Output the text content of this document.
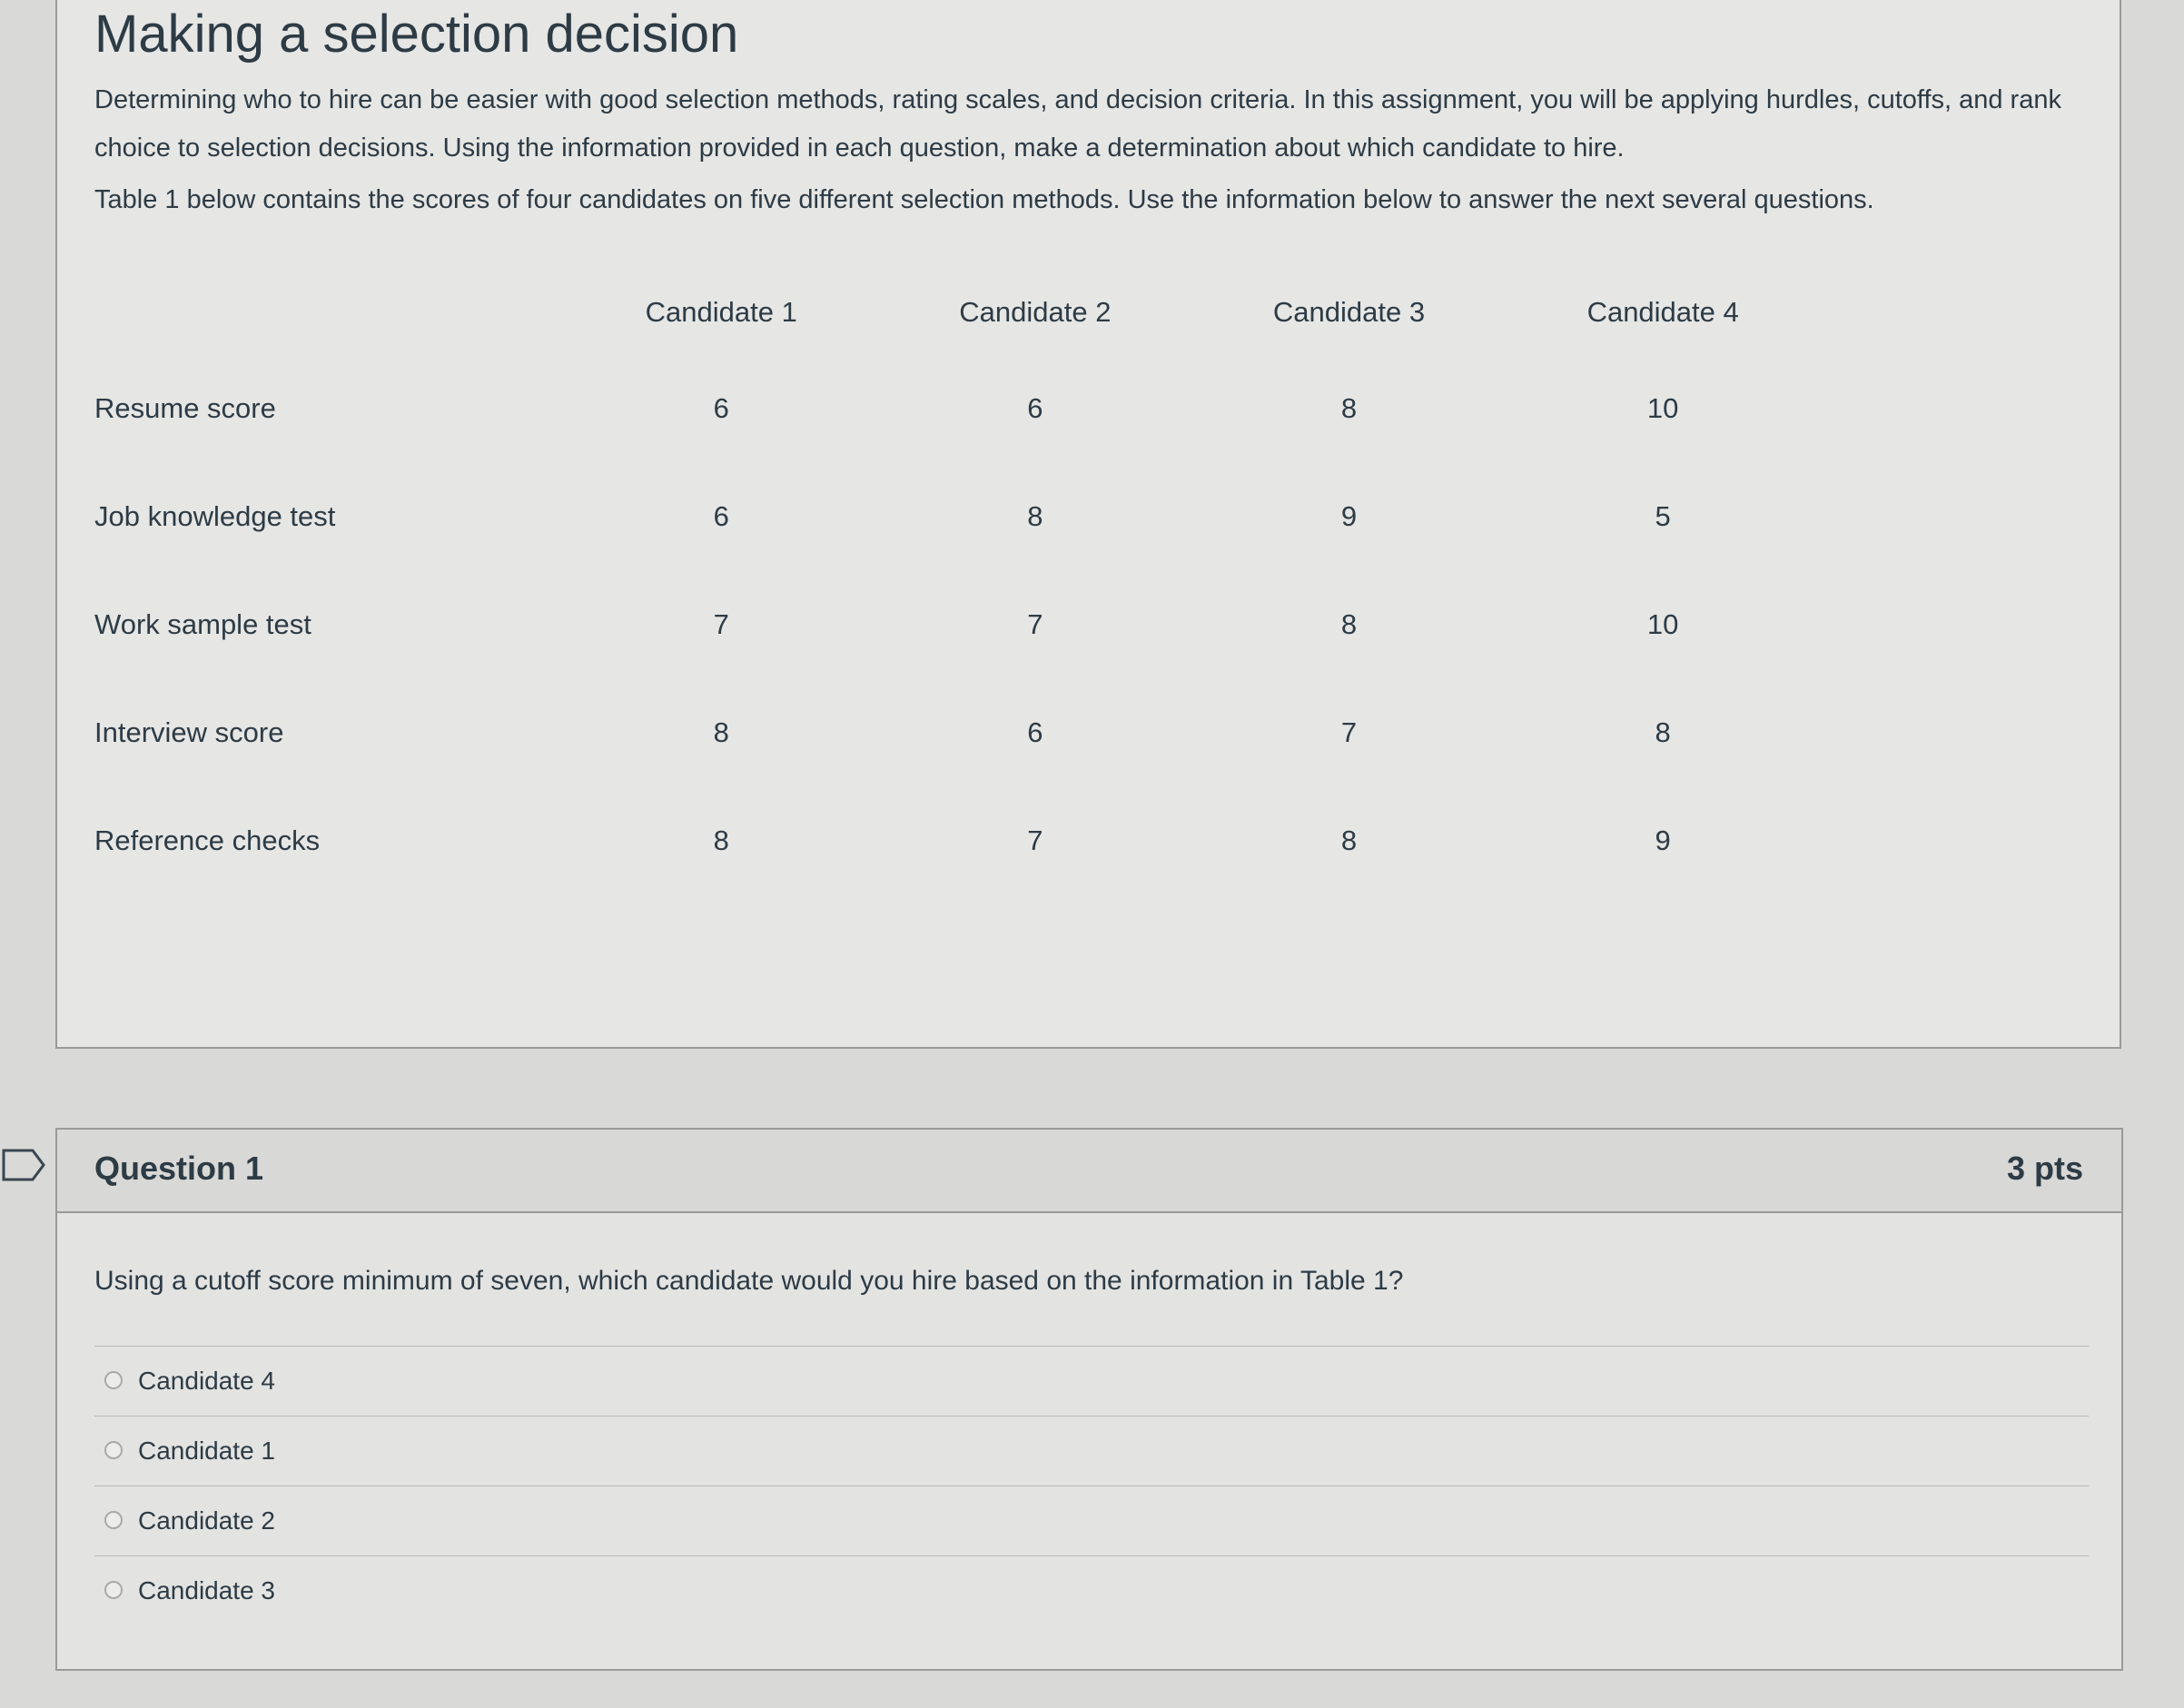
Making a selection decision

Determining who to hire can be easier with good selection methods, rating scales, and decision criteria. In this assignment, you will be applying hurdles, cutoffs, and rank choice to selection decisions. Using the information provided in each question, make a determination about which candidate to hire.

Table 1 below contains the scores of four candidates on five different selection methods. Use the information below to answer the next several questions.

	Candidate 1	Candidate 2	Candidate 3	Candidate 4
Resume score	6	6	8	10
Job knowledge test	6	8	9	5
Work sample test	7	7	8	10
Interview score	8	6	7	8
Reference checks	8	7	8	9
Question 1	3 pts

Using a cutoff score minimum of seven, which candidate would you hire based on the information in Table 1?

Candidate 4
Candidate 1
Candidate 2
Candidate 3
